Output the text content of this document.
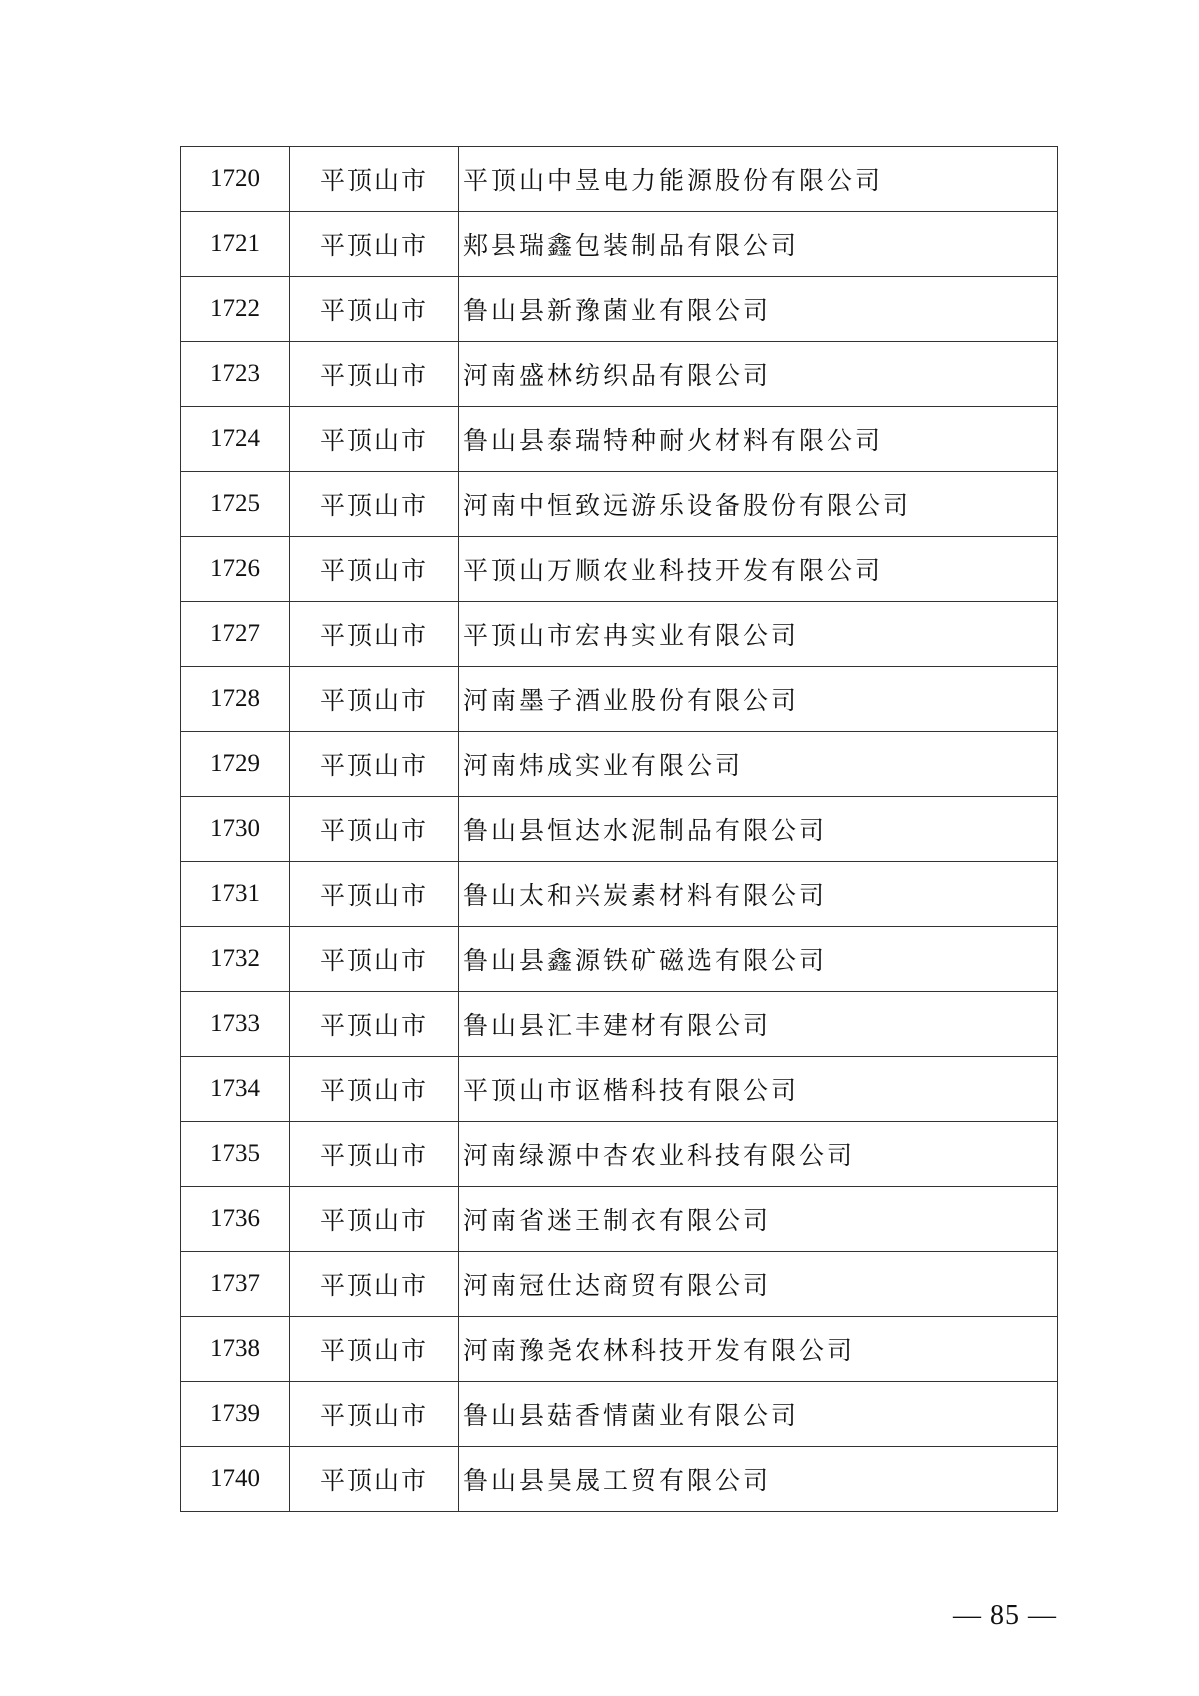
1720	平顶山市	平顶山中昱电力能源股份有限公司
1721	平顶山市	郏县瑞鑫包装制品有限公司
1722	平顶山市	鲁山县新豫菌业有限公司
1723	平顶山市	河南盛林纺织品有限公司
1724	平顶山市	鲁山县泰瑞特种耐火材料有限公司
1725	平顶山市	河南中恒致远游乐设备股份有限公司
1726	平顶山市	平顶山万顺农业科技开发有限公司
1727	平顶山市	平顶山市宏冉实业有限公司
1728	平顶山市	河南墨子酒业股份有限公司
1729	平顶山市	河南炜成实业有限公司
1730	平顶山市	鲁山县恒达水泥制品有限公司
1731	平顶山市	鲁山太和兴炭素材料有限公司
1732	平顶山市	鲁山县鑫源铁矿磁选有限公司
1733	平顶山市	鲁山县汇丰建材有限公司
1734	平顶山市	平顶山市讴楷科技有限公司
1735	平顶山市	河南绿源中杏农业科技有限公司
1736	平顶山市	河南省迷王制衣有限公司
1737	平顶山市	河南冠仕达商贸有限公司
1738	平顶山市	河南豫尧农林科技开发有限公司
1739	平顶山市	鲁山县菇香情菌业有限公司
1740	平顶山市	鲁山县昊晟工贸有限公司
— 85 —
